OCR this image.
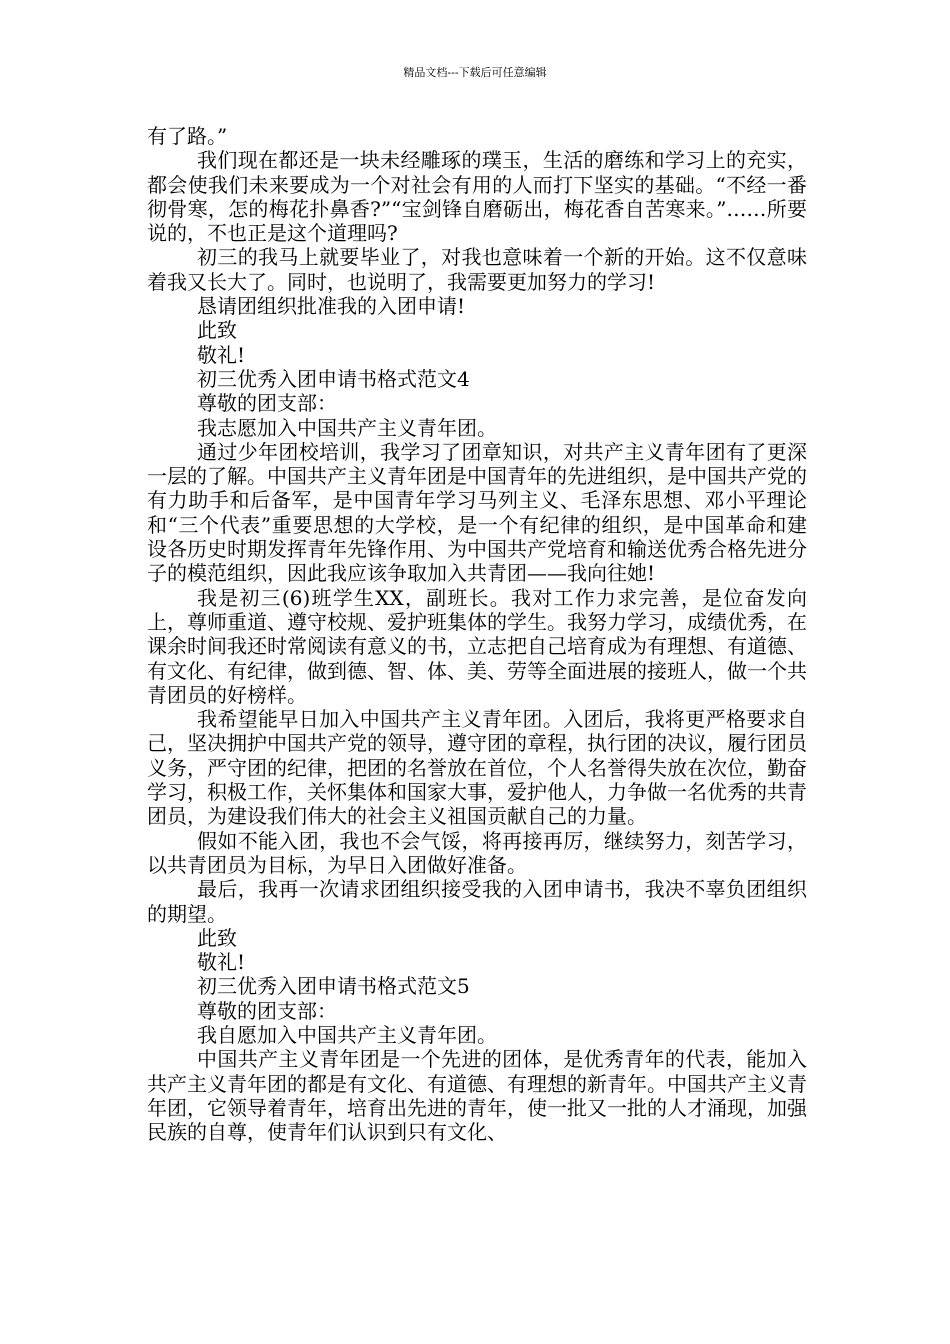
精品文档---下载后可任意编辑

有了路。”

我们现在都还是一块未经雕琢的璞玉，生活的磨练和学习上的充实，都会使我们未来要成为一个对社会有用的人而打下坚实的基础。“不经一番彻骨寒，怎的梅花扑鼻香?”“宝剑锋自磨砺出，梅花香自苦寒来。”……所要说的，不也正是这个道理吗?

初三的我马上就要毕业了，对我也意味着一个新的开始。这不仅意味着我又长大了。同时，也说明了，我需要更加努力的学习!

恳请团组织批准我的入团申请!

此致

敬礼!

初三优秀入团申请书格式范文4

尊敬的团支部：

我志愿加入中国共产主义青年团。

通过少年团校培训，我学习了团章知识，对共产主义青年团有了更深一层的了解。中国共产主义青年团是中国青年的先进组织，是中国共产党的有力助手和后备军，是中国青年学习马列主义、毛泽东思想、邓小平理论和“三个代表”重要思想的大学校，是一个有纪律的组织，是中国革命和建设各历史时期发挥青年先锋作用、为中国共产党培育和输送优秀合格先进分子的模范组织，因此我应该争取加入共青团——我向往她!

我是初三(6)班学生XX，副班长。我对工作力求完善，是位奋发向上，尊师重道、遵守校规、爱护班集体的学生。我努力学习，成绩优秀，在课余时间我还时常阅读有意义的书，立志把自己培育成为有理想、有道德、有文化、有纪律，做到德、智、体、美、劳等全面进展的接班人，做一个共青团员的好榜样。

我希望能早日加入中国共产主义青年团。入团后，我将更严格要求自己，坚决拥护中国共产党的领导，遵守团的章程，执行团的决议，履行团员义务，严守团的纪律，把团的名誉放在首位，个人名誉得失放在次位，勤奋学习，积极工作，关怀集体和国家大事，爱护他人，力争做一名优秀的共青团员，为建设我们伟大的社会主义祖国贡献自己的力量。

假如不能入团，我也不会气馁，将再接再厉，继续努力，刻苦学习，以共青团员为目标，为早日入团做好准备。

最后，我再一次请求团组织接受我的入团申请书，我决不辜负团组织的期望。

此致

敬礼!

初三优秀入团申请书格式范文5

尊敬的团支部：

我自愿加入中国共产主义青年团。

中国共产主义青年团是一个先进的团体，是优秀青年的代表，能加入共产主义青年团的都是有文化、有道德、有理想的新青年。中国共产主义青年团，它领导着青年，培育出先进的青年，使一批又一批的人才涌现，加强民族的自尊，使青年们认识到只有文化、
